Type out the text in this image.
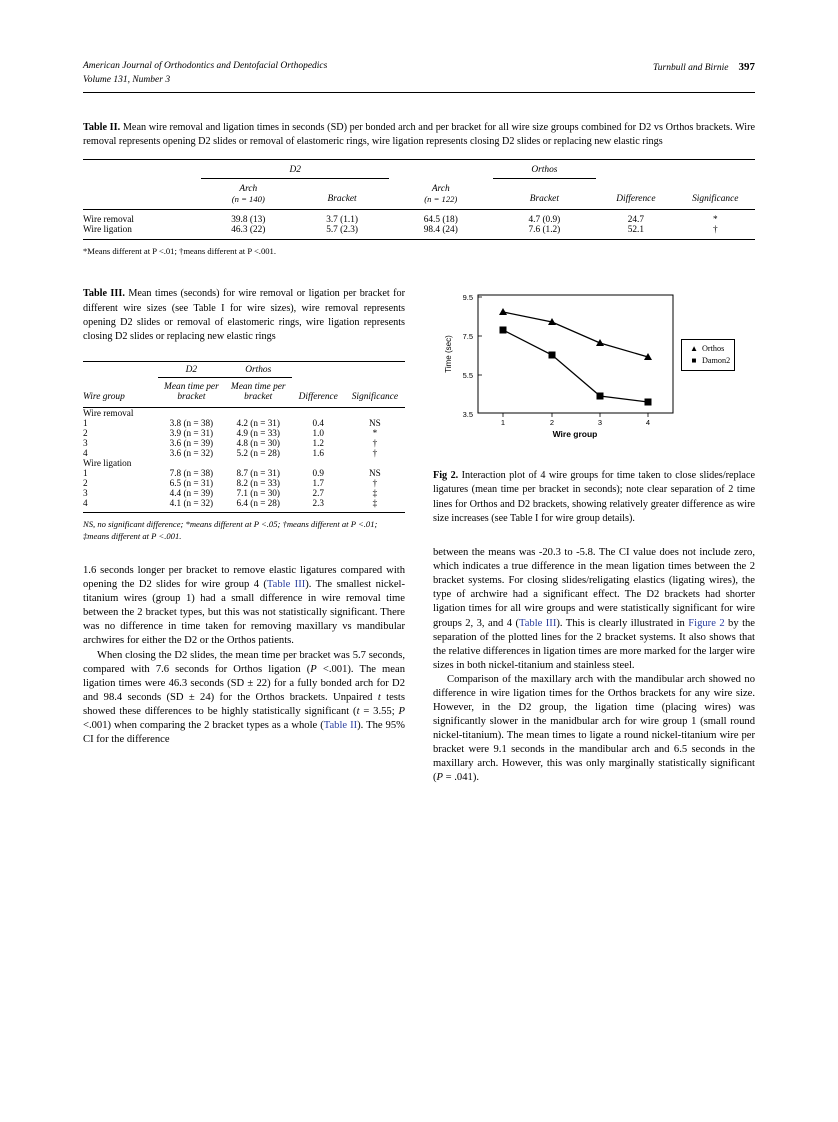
American Journal of Orthodontics and Dentofacial Orthopedics
Volume 131, Number 3
Turnbull and Birnie 397
Table II. Mean wire removal and ligation times in seconds (SD) per bonded arch and per bracket for all wire size groups combined for D2 vs Orthos brackets. Wire removal represents opening D2 slides or removal of elastomeric rings, wire ligation represents closing D2 slides or replacing new elastic rings

	D2			Orthos		

	Arch	Bracket	Arch	Bracket	Difference	Significance
	(n = 140)		(n = 122)			

Wire removal	39.8 (13)	3.7 (1.1)	64.5 (18)	4.7 (0.9)	24.7	*
Wire ligation	46.3 (22)	5.7 (2.3)	98.4 (24)	7.6 (1.2)	52.1	†

*Means different at P <.01; †means different at P <.001.
Table III. Mean times (seconds) for wire removal or ligation per bracket for different wire sizes (see Table I for wire sizes), wire removal represents opening D2 slides or removal of elastomeric rings, wire ligation represents closing D2 slides or replacing new elastic rings

	D2	Orthos		
Wire group	Mean time per bracket	Mean time per bracket	Difference	Significance

Wire removal				
1	3.8 (n = 38)	4.2 (n = 31)	0.4	NS
2	3.9 (n = 31)	4.9 (n = 33)	1.0	*
3	3.6 (n = 39)	4.8 (n = 30)	1.2	†
4	3.6 (n = 32)	5.2 (n = 28)	1.6	†
Wire ligation				
1	7.8 (n = 38)	8.7 (n = 31)	0.9	NS
2	6.5 (n = 31)	8.2 (n = 33)	1.7	†
3	4.4 (n = 39)	7.1 (n = 30)	2.7	‡
4	4.1 (n = 32)	6.4 (n = 28)	2.3	‡

NS, no significant difference; *means different at P <.05; †means different at P <.01; ‡means different at P <.001.

1.6 seconds longer per bracket to remove elastic ligatures compared with opening the D2 slides for wire group 4 (Table III). The smallest nickel-titanium wires (group 1) had a small difference in wire removal time between the 2 bracket types, but this was not statistically significant. There was no difference in time taken for removing maxillary vs mandibular archwires for either the D2 or the Orthos patients.

When closing the D2 slides, the mean time per bracket was 5.7 seconds, compared with 7.6 seconds for Orthos ligation (P <.001). The mean ligation times were 46.3 seconds (SD ± 22) for a fully bonded arch for D2 and 98.4 seconds (SD ± 24) for the Orthos brackets. Unpaired t tests showed these differences to be highly statistically significant (t = 3.55; P <.001) when comparing the 2 bracket types as a whole (Table II). The 95% CI for the difference

9.5
7.5
5.5
3.5
Time (sec)
1	2	3	4
Wire group
▲ Orthos
■ Damon2
Fig 2. Interaction plot of 4 wire groups for time taken to close slides/replace ligatures (mean time per bracket in seconds); note clear separation of 2 time lines for Orthos and D2 brackets, showing relatively greater difference as wire size increases (see Table I for wire group details).

between the means was -20.3 to -5.8. The CI value does not include zero, which indicates a true difference in the mean ligation times between the 2 bracket systems. For closing slides/religating elastics (ligating wires), the type of archwire had a significant effect. The D2 brackets had shorter ligation times for all wire groups and were statistically significant for wire groups 2, 3, and 4 (Table III). This is clearly illustrated in Figure 2 by the separation of the plotted lines for the 2 bracket systems. It also shows that the relative differences in ligation times are more marked for the larger wire sizes in both nickel-titanium and stainless steel.

Comparison of the maxillary arch with the mandibular arch showed no difference in wire ligation times for the Orthos brackets for any wire size. However, in the D2 group, the ligation time (placing wires) was significantly slower in the manidbular arch for wire group 1 (small round nickel-titanium). The mean times to ligate a round nickel-titanium wire per bracket were 9.1 seconds in the mandibular arch and 6.5 seconds in the maxillary arch. However, this was only marginally statistically significant (P = .041).
